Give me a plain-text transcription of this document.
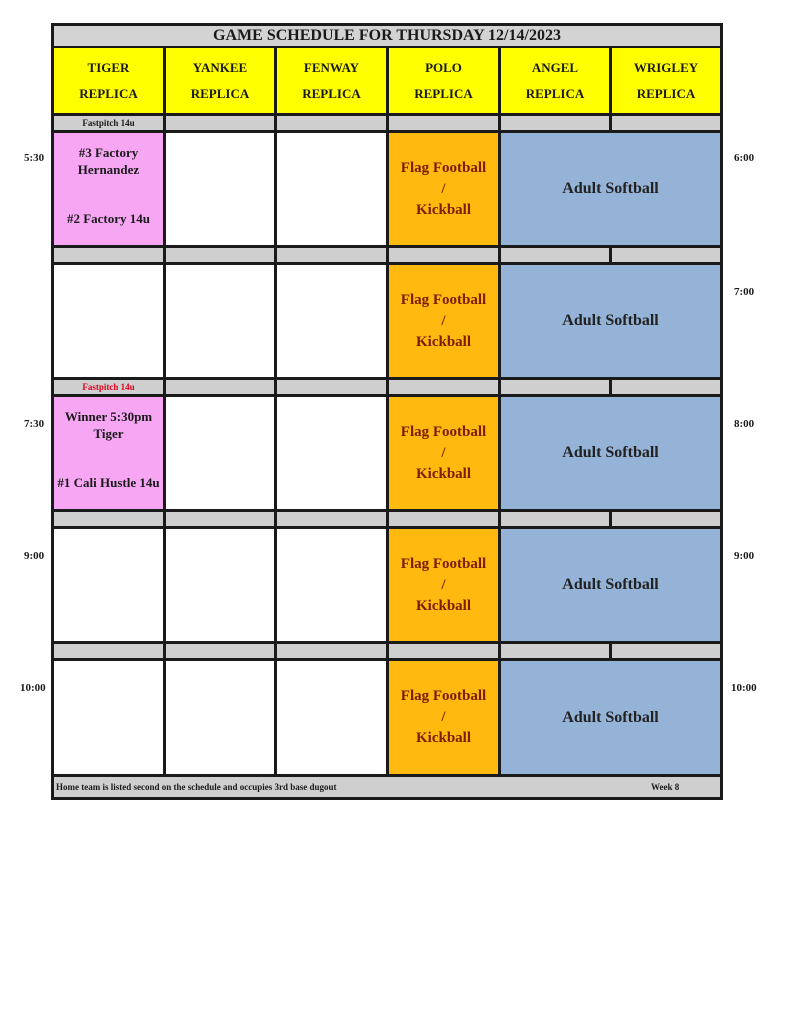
GAME SCHEDULE FOR THURSDAY 12/14/2023
TIGER
REPLICA
YANKEE
REPLICA
FENWAY
REPLICA
POLO
REPLICA
ANGEL
REPLICA
WRIGLEY
REPLICA
Fastpitch 14u
#3 Factory
Hernandez
#2 Factory 14u
Flag Football
/
Kickball
Adult Softball
Flag Football
/
Kickball
Adult Softball
Fastpitch 14u
Winner 5:30pm
Tiger
#1 Cali Hustle 14u
Flag Football
/
Kickball
Adult Softball
Flag Football
/
Kickball
Adult Softball
Flag Football
/
Kickball
Adult Softball
Home team is listed second on the schedule and occupies 3rd base dugout	Week 8
5:30
7:30
9:00
10:00
6:00
7:00
8:00
9:00
10:00
